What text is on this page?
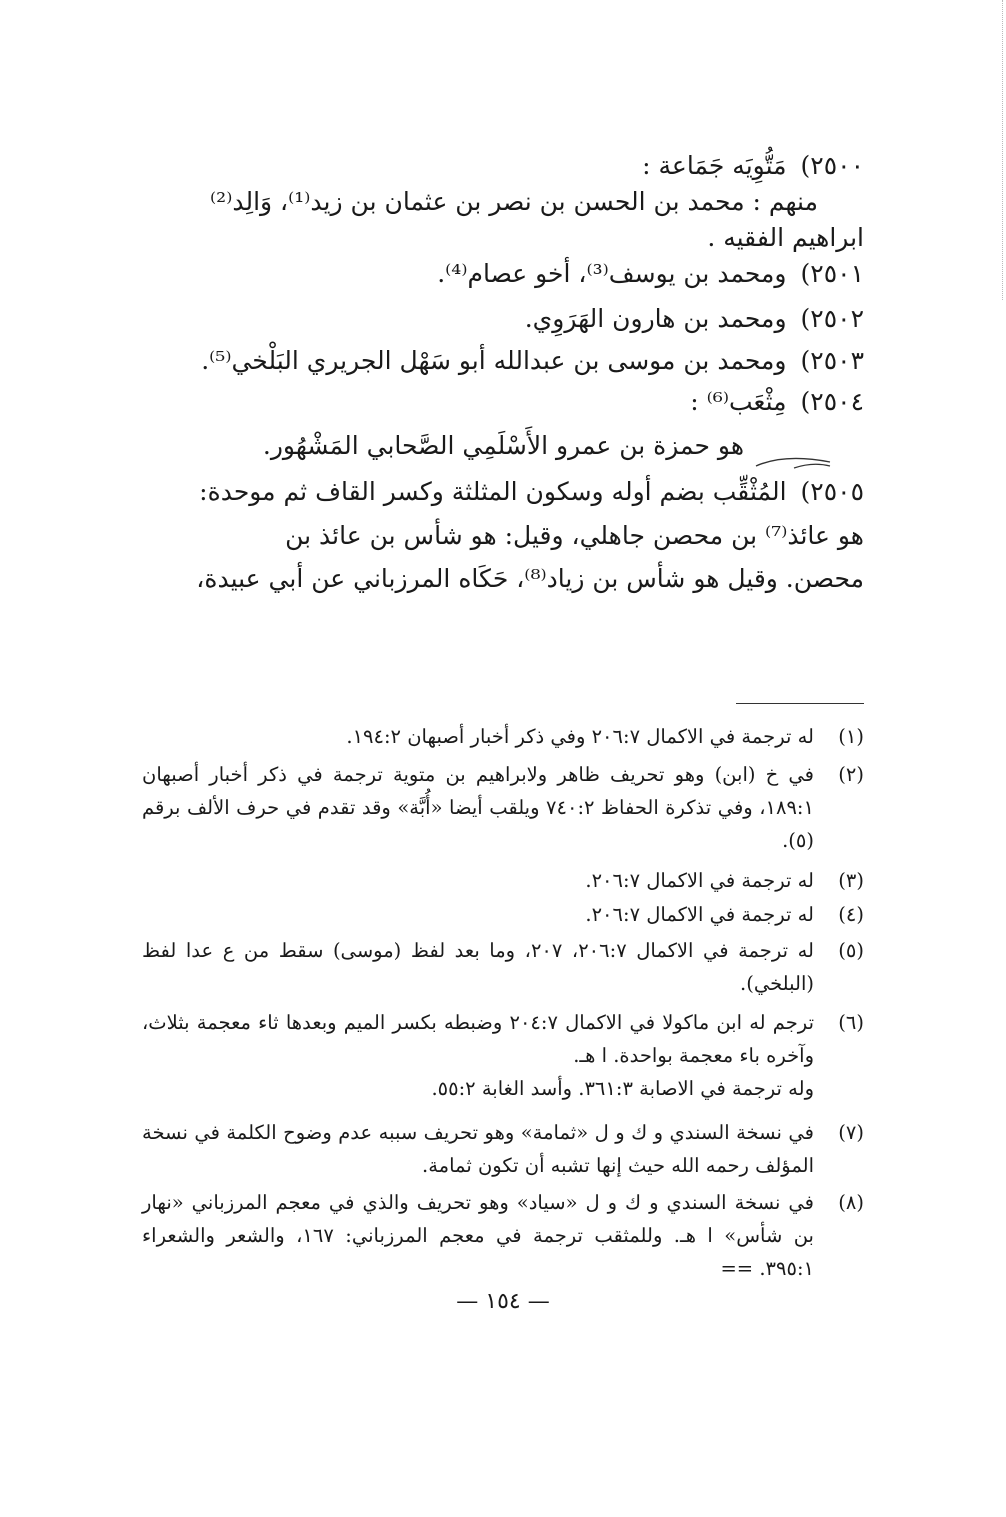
٢٥٠٠)مَتُّوِيَه جَمَاعة :
منهم : محمد بن الحسن بن نصر بن عثمان بن زيد⁽¹⁾، وَالِد⁽²⁾
ابراهيم الفقيه .
٢٥٠١)ومحمد بن يوسف⁽³⁾، أخو عصام⁽⁴⁾.
٢٥٠٢)ومحمد بن هارون الهَرَوِي.
٢٥٠٣)ومحمد بن موسى بن عبدالله أبو سَهْل الجريري البَلْخي⁽⁵⁾.
٢٥٠٤)مِثْعَب⁽⁶⁾ :
هو حمزة بن عمرو الأَسْلَمِي الصَّحابي المَشْهُور.
٢٥٠٥)المُثْقِّب بضم أوله وسكون المثلثة وكسر القاف ثم موحدة:
هو عائذ⁽⁷⁾ بن محصن جاهلي، وقيل: هو شأس بن عائذ بن
محصن. وقيل هو شأس بن زياد⁽⁸⁾، حَكَاه المرزباني عن أبي عبيدة،
(١)

له ترجمة في الاكمال ٢٠٦:٧ وفي ذكر أخبار أصبهان ١٩٤:٢.

(٢)

في خ (ابن) وهو تحريف ظاهر ولابراهيم بن متوية ترجمة في ذكر أخبار أصبهان ١٨٩:١، وفي تذكرة الحفاظ ٧٤٠:٢ ويلقب أيضا «أُبَّة» وقد تقدم في حرف الألف برقم (٥).

(٣)

له ترجمة في الاكمال ٢٠٦:٧.

(٤)

له ترجمة في الاكمال ٢٠٦:٧.

(٥)

له ترجمة في الاكمال ٢٠٦:٧، ٢٠٧، وما بعد لفظ (موسى) سقط من ع عدا لفظ (البلخي).

(٦)

ترجم له ابن ماكولا في الاكمال ٢٠٤:٧ وضبطه بكسر الميم وبعدها ثاء معجمة بثلاث، وآخره باء معجمة بواحدة. ا هـ.

وله ترجمة في الاصابة ٣٦١:٣. وأسد الغابة ٥٥:٢.

(٧)

في نسخة السندي و ك و ل «ثمامة» وهو تحريف سببه عدم وضوح الكلمة في نسخة المؤلف رحمه الله حيث إنها تشبه أن تكون ثمامة.

(٨)

في نسخة السندي و ك و ل «سياد» وهو تحريف والذي في معجم المرزباني «نهار بن شأس» ا هـ. وللمثقب ترجمة في معجم المرزباني: ١٦٧، والشعر والشعراء ٣٩٥:١. ==

— ١٥٤ —
